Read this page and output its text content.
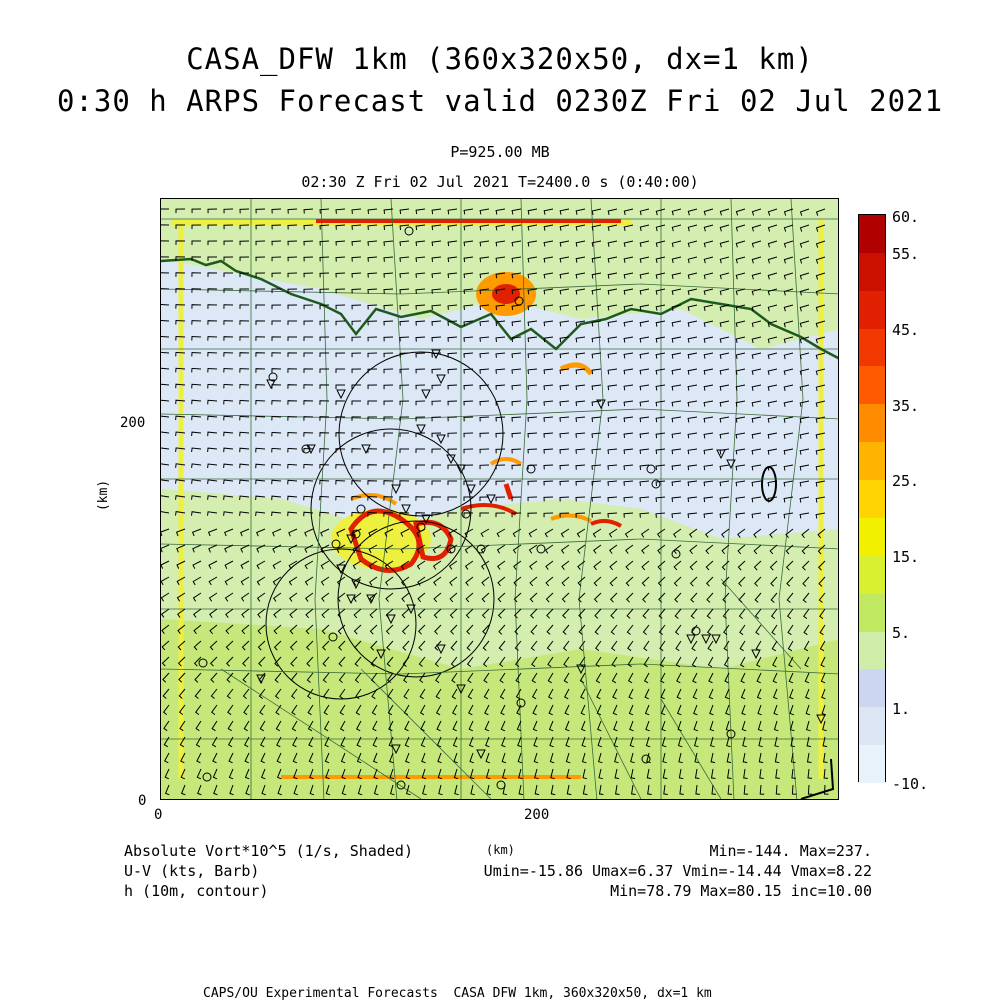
CASA_DFW 1km (360x320x50, dx=1 km)
0:30 h ARPS Forecast valid 0230Z Fri 02 Jul 2021
P=925.00 MB
02:30 Z Fri 02 Jul 2021 T=2400.0 s (0:40:00)
(km)
200
0
0	200
(km)
60.
55.
45.
35.
25.
15.
5.
1.
-10.
Absolute Vort*10^5 (1/s, Shaded)
U-V (kts, Barb)
h (10m, contour)
Min=-144. Max=237.
Umin=-15.86 Umax=6.37 Vmin=-14.44 Vmax=8.22
Min=78.79 Max=80.15 inc=10.00
CAPS/OU Experimental Forecasts  CASA DFW 1km, 360x320x50, dx=1 km
